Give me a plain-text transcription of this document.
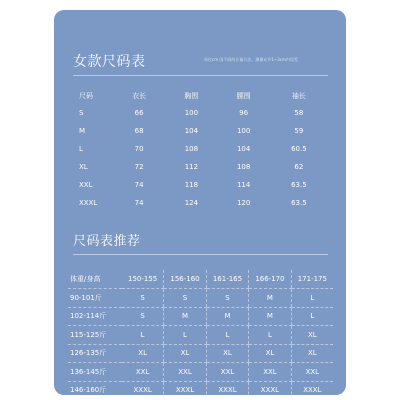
女款尺码表	单位cm 因不同的计量方法，测量允许1~3cm内误差
尺码	衣长	胸围	腰围	袖长
S	66	100	96	58
M	68	104	100	59
L	70	108	104	60.5
XL	72	112	108	62
XXL	74	118	114	63.5
XXXL	74	124	120	63.5
尺码表推荐
体重/身高	150-155	156-160	161-165	166-170	171-175
90-101斤	S	S	S	M	L
102-114斤	S	M	M	M	L
115-125斤	L	L	L	L	XL
126-135斤	XL	XL	XL	XL	XL
136-145斤	XXL	XXL	XXL	XXL	XXL
146-160斤	XXXL	XXXL	XXXL	XXXL	XXXL
